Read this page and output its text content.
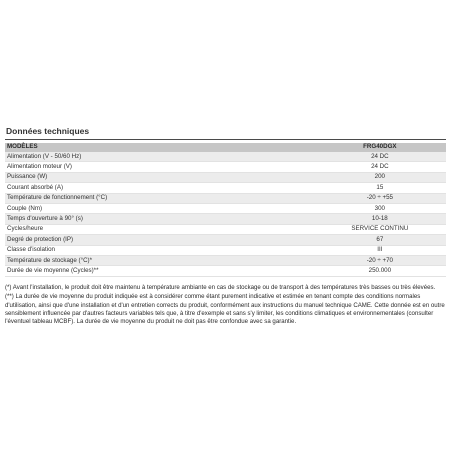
Données techniques
MODÈLES	FRG40DGX
Alimentation (V - 50/60 Hz)	24 DC
Alimentation moteur (V)	24 DC
Puissance (W)	200
Courant absorbé (A)	15
Température de fonctionnement (°C)	-20 ÷ +55
Couple (Nm)	300
Temps d'ouverture à 90° (s)	10-18
Cycles/heure	SERVICE CONTINU
Degré de protection (IP)	67
Classe d'isolation	III
Température de stockage (°C)*	-20 ÷ +70
Durée de vie moyenne (Cycles)**	250.000

(*) Avant l'installation, le produit doit être maintenu à température ambiante en cas de stockage ou de transport à des températures très basses ou très élevées.

(**) La durée de vie moyenne du produit indiquée est à considérer comme étant purement indicative et estimée en tenant compte des conditions normales d'utilisation, ainsi que d'une installation et d'un entretien corrects du produit, conformément aux instructions du manuel technique CAME. Cette donnée est en outre sensiblement influencée par d'autres facteurs variables tels que, à titre d'exemple et sans s'y limiter, les conditions climatiques et environnementales (consulter l'éventuel tableau MCBF). La durée de vie moyenne du produit ne doit pas être confondue avec sa garantie.
